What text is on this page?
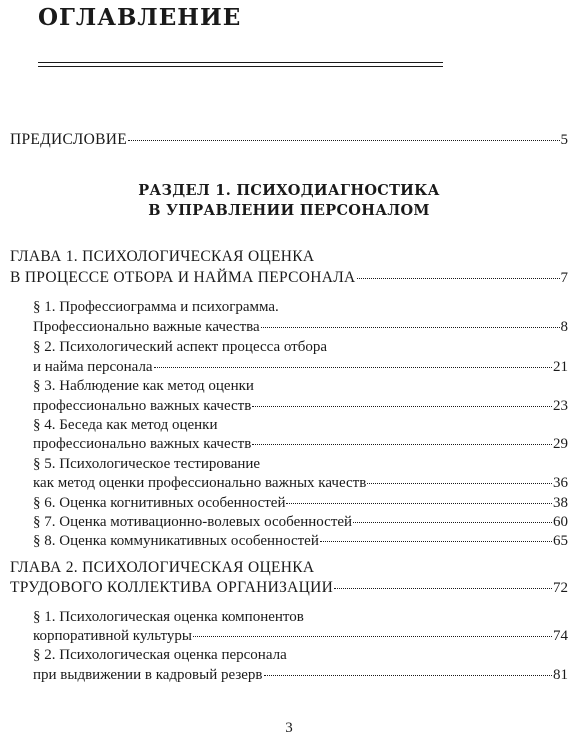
ОГЛАВЛЕНИЕ
ПРЕДИСЛОВИЕ	5
РАЗДЕЛ 1. ПСИХОДИАГНОСТИКА
В УПРАВЛЕНИИ ПЕРСОНАЛОМ
ГЛАВА 1. ПСИХОЛОГИЧЕСКАЯ ОЦЕНКА
В ПРОЦЕССЕ ОТБОРА И НАЙМА ПЕРСОНАЛА	7
§ 1. Профессиограмма и психограмма.
Профессионально важные качества	8
§ 2. Психологический аспект процесса отбора
и найма персонала	21
§ 3. Наблюдение как метод оценки
профессионально важных качеств	23
§ 4. Беседа как метод оценки
профессионально важных качеств	29
§ 5. Психологическое тестирование
как метод оценки профессионально важных качеств	36
§ 6. Оценка когнитивных особенностей	38
§ 7. Оценка мотивационно-волевых особенностей	60
§ 8. Оценка коммуникативных особенностей	65
ГЛАВА 2. ПСИХОЛОГИЧЕСКАЯ ОЦЕНКА
ТРУДОВОГО КОЛЛЕКТИВА ОРГАНИЗАЦИИ	72
§ 1. Психологическая оценка компонентов
корпоративной культуры	74
§ 2. Психологическая оценка персонала
при выдвижении в кадровый резерв	81
3
